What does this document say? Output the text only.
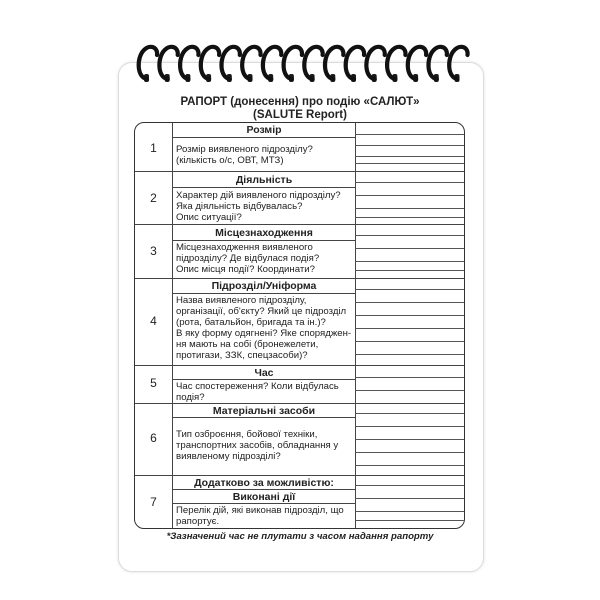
РАПОРТ (донесення) про подію «САЛЮТ»
(SALUTE Report)
1
2
3
4
5
6
7
Розмір
Діяльність
Місцезнаходження
Підрозділ/Уніформа
Час
Матеріальні засоби
Додатково за можливістю:
Виконані дії
Розмір виявленого підрозділу?
(кількість о/с, ОВТ, МТЗ)
Характер дій виявленого підрозділу?
Яка діяльність відбувалась?
Опис ситуації?
Місцезнаходження виявленого
підрозділу? Де відбулася подія?
Опис місця події? Координати?
Назва виявленого підрозділу,
організації, об'єкту? Який це підрозділ
(рота, батальйон, бригада та ін.)?
В яку форму одягнені? Яке споряджен-
ня мають на собі (бронежелети,
протигази, ЗЗК, спецзасоби)?
Час спостереження? Коли відбулась
подія?
Тип озброєння, бойової техніки,
транспортних засобів, обладнання у
виявленому підрозділі?
Перелік дій, які виконав підрозділ, що
рапортує.
*Зазначений час не плутати з часом надання рапорту
